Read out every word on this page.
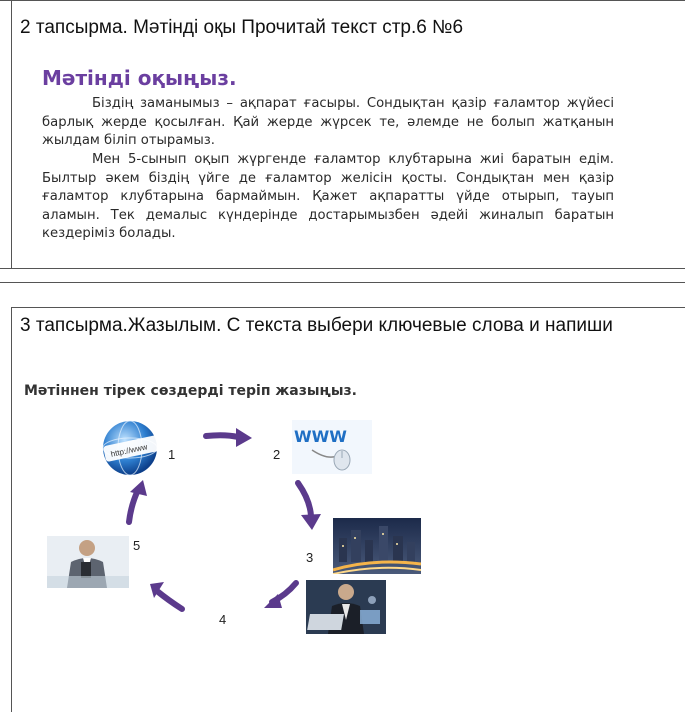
2 тапсырма. Мәтінді оқы Прочитай текст стр.6 №6
Мәтінді оқыңыз.

Біздің заманымыз – ақпарат ғасыры. Сондықтан қазір ғаламтор жүйесі барлық жерде қосылған. Қай жерде жүрсек те, әлемде не болып жатқанын жылдам біліп отырамыз.

Мен 5-сынып оқып жүргенде ғаламтор клубтарына жиі баратын едім. Былтыр әкем біздің үйге де ғаламтор желісін қосты. Сондықтан мен қазір ғаламтор клубтарына бармаймын. Қажет ақпаратты үйде отырып, тауып аламын. Тек демалыс күндерінде достарымызбен әдейі жиналып баратын кездеріміз болады.

3 тапсырма.Жазылым. С текста выбери ключевые слова и напиши
Мәтіннен тірек сөздерді теріп жазыңыз.
http://www 1
WWW
2
3
4
5
